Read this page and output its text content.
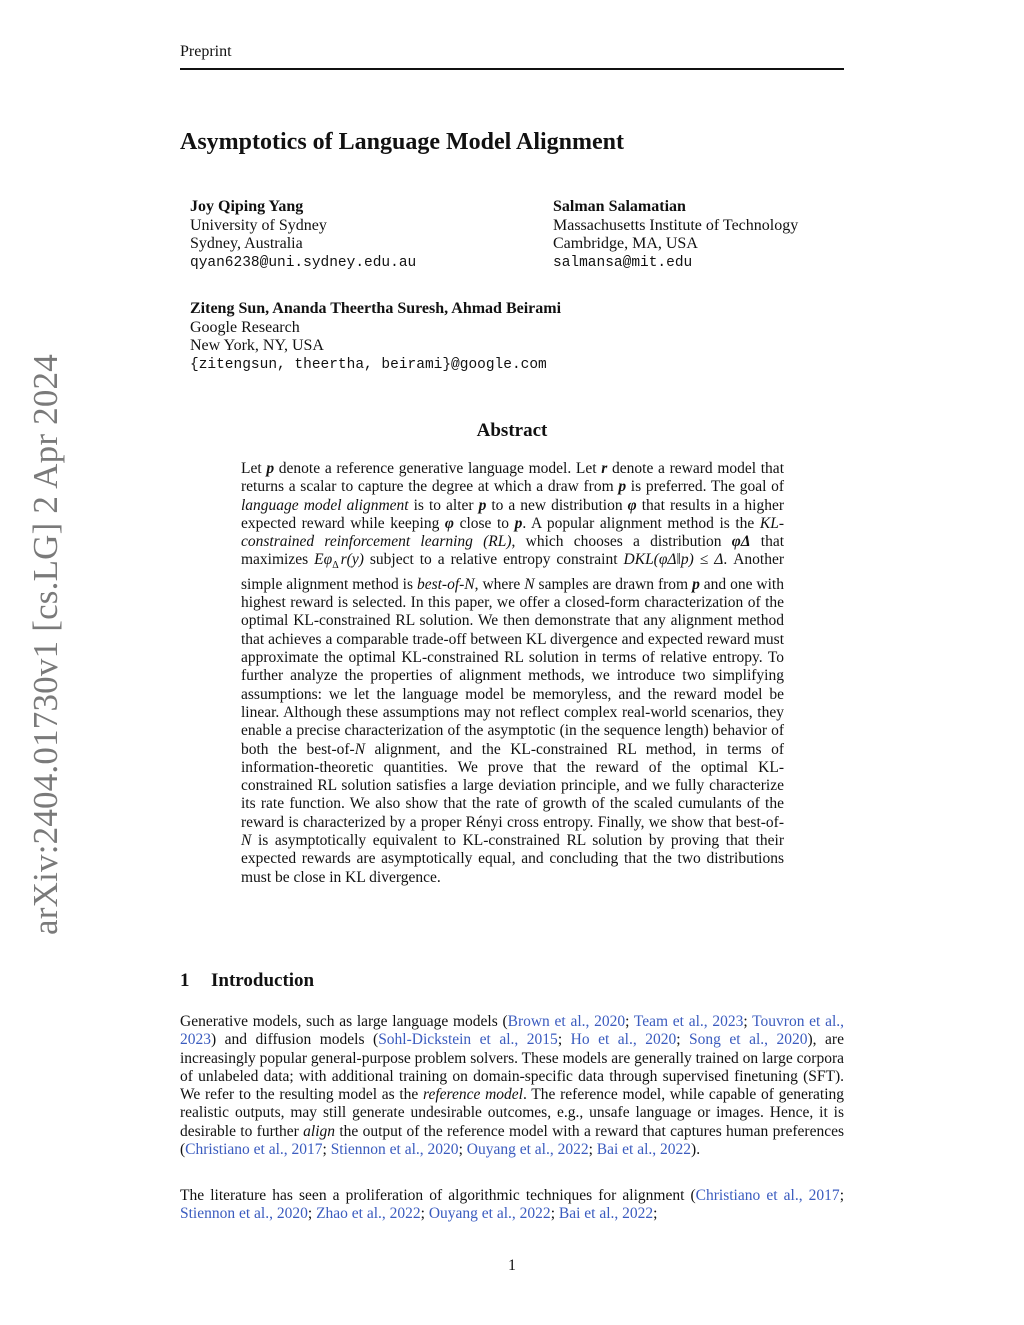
Preprint
arXiv:2404.01730v1 [cs.LG] 2 Apr 2024
Asymptotics of Language Model Alignment
Joy Qiping Yang
University of Sydney
Sydney, Australia
qyan6238@uni.sydney.edu.au
Salman Salamatian
Massachusetts Institute of Technology
Cambridge, MA, USA
salmansa@mit.edu
Ziteng Sun, Ananda Theertha Suresh, Ahmad Beirami
Google Research
New York, NY, USA
{zitengsun, theertha, beirami}@google.com
Abstract
Let p denote a reference generative language model. Let r denote a reward model that returns a scalar to capture the degree at which a draw from p is preferred. The goal of language model alignment is to alter p to a new distribution φ that results in a higher expected reward while keeping φ close to p. A popular alignment method is the KL-constrained reinforcement learning (RL), which chooses a distribution φΔ that maximizes $E\varphi_\Delta$ r(y) subject to a relative entropy constraint DKL(φΔ‖p) ≤ Δ. Another simple alignment method is best-of-N, where N samples are drawn from p and one with highest reward is selected. In this paper, we offer a closed-form characterization of the optimal KL-constrained RL solution. We then demonstrate that any alignment method that achieves a comparable trade-off between KL divergence and expected reward must approximate the optimal KL-constrained RL solution in terms of relative entropy. To further analyze the properties of alignment methods, we introduce two simplifying assumptions: we let the language model be memoryless, and the reward model be linear. Although these assumptions may not reflect complex real-world scenarios, they enable a precise characterization of the asymptotic (in the sequence length) behavior of both the best-of-N alignment, and the KL-constrained RL method, in terms of information-theoretic quantities. We prove that the reward of the optimal KL-constrained RL solution satisfies a large deviation principle, and we fully characterize its rate function. We also show that the rate of growth of the scaled cumulants of the reward is characterized by a proper Rényi cross entropy. Finally, we show that best-of-N is asymptotically equivalent to KL-constrained RL solution by proving that their expected rewards are asymptotically equal, and concluding that the two distributions must be close in KL divergence.
1 Introduction
Generative models, such as large language models (Brown et al., 2020; Team et al., 2023; Touvron et al., 2023) and diffusion models (Sohl-Dickstein et al., 2015; Ho et al., 2020; Song et al., 2020), are increasingly popular general-purpose problem solvers. These models are generally trained on large corpora of unlabeled data; with additional training on domain-specific data through supervised finetuning (SFT). We refer to the resulting model as the reference model. The reference model, while capable of generating realistic outputs, may still generate undesirable outcomes, e.g., unsafe language or images. Hence, it is desirable to further align the output of the reference model with a reward that captures human preferences (Christiano et al., 2017; Stiennon et al., 2020; Ouyang et al., 2022; Bai et al., 2022).
The literature has seen a proliferation of algorithmic techniques for alignment (Christiano et al., 2017; Stiennon et al., 2020; Zhao et al., 2022; Ouyang et al., 2022; Bai et al., 2022;
1
